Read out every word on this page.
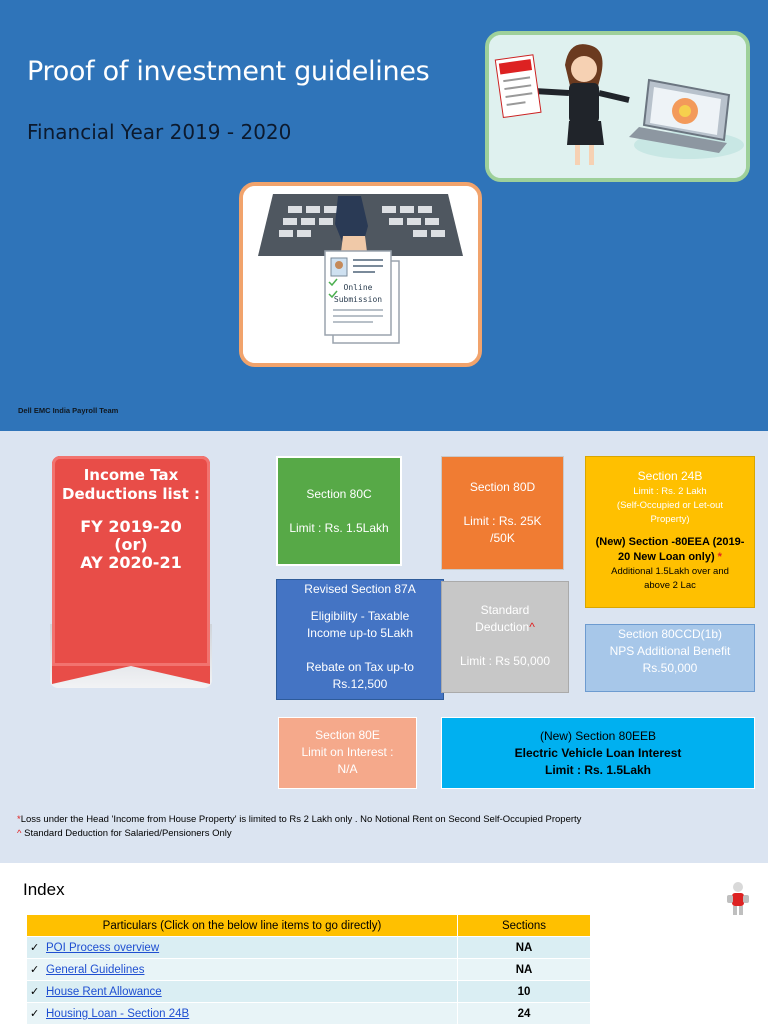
Proof of investment guidelines
Financial Year 2019 - 2020
Online
Submission
Dell EMC India Payroll Team
Income Tax
Deductions list :
FY 2019-20
(or)
AY 2020-21
Section 80C
Limit : Rs. 1.5Lakh
Section 80D
Limit : Rs. 25K
/50K
Section 24B
Limit : Rs. 2 Lakh
(Self-Occupied or Let-out
Property)
(New) Section -80EEA (2019-
20 New Loan only) *
Additional 1.5Lakh over and
above 2 Lac
Revised Section 87A
Eligibility - Taxable
Income up-to 5Lakh
Rebate on Tax up-to
Rs.12,500
Standard
Deduction^
Limit : Rs 50,000
Section 80CCD(1b)
NPS Additional Benefit
Rs.50,000
Section 80E
Limit on Interest :
N/A
(New) Section 80EEB
Electric Vehicle Loan Interest
Limit : Rs. 1.5Lakh
*Loss under the Head 'Income from House Property' is limited to Rs 2 Lakh only . No Notional Rent on Second Self-Occupied Property
^ Standard Deduction for Salaried/Pensioners Only
Index
Particulars (Click on the below line items to go directly)	Sections
✓ POI Process overview	NA
✓ General Guidelines	NA
✓ House Rent Allowance	10
✓ Housing Loan - Section 24B	24
